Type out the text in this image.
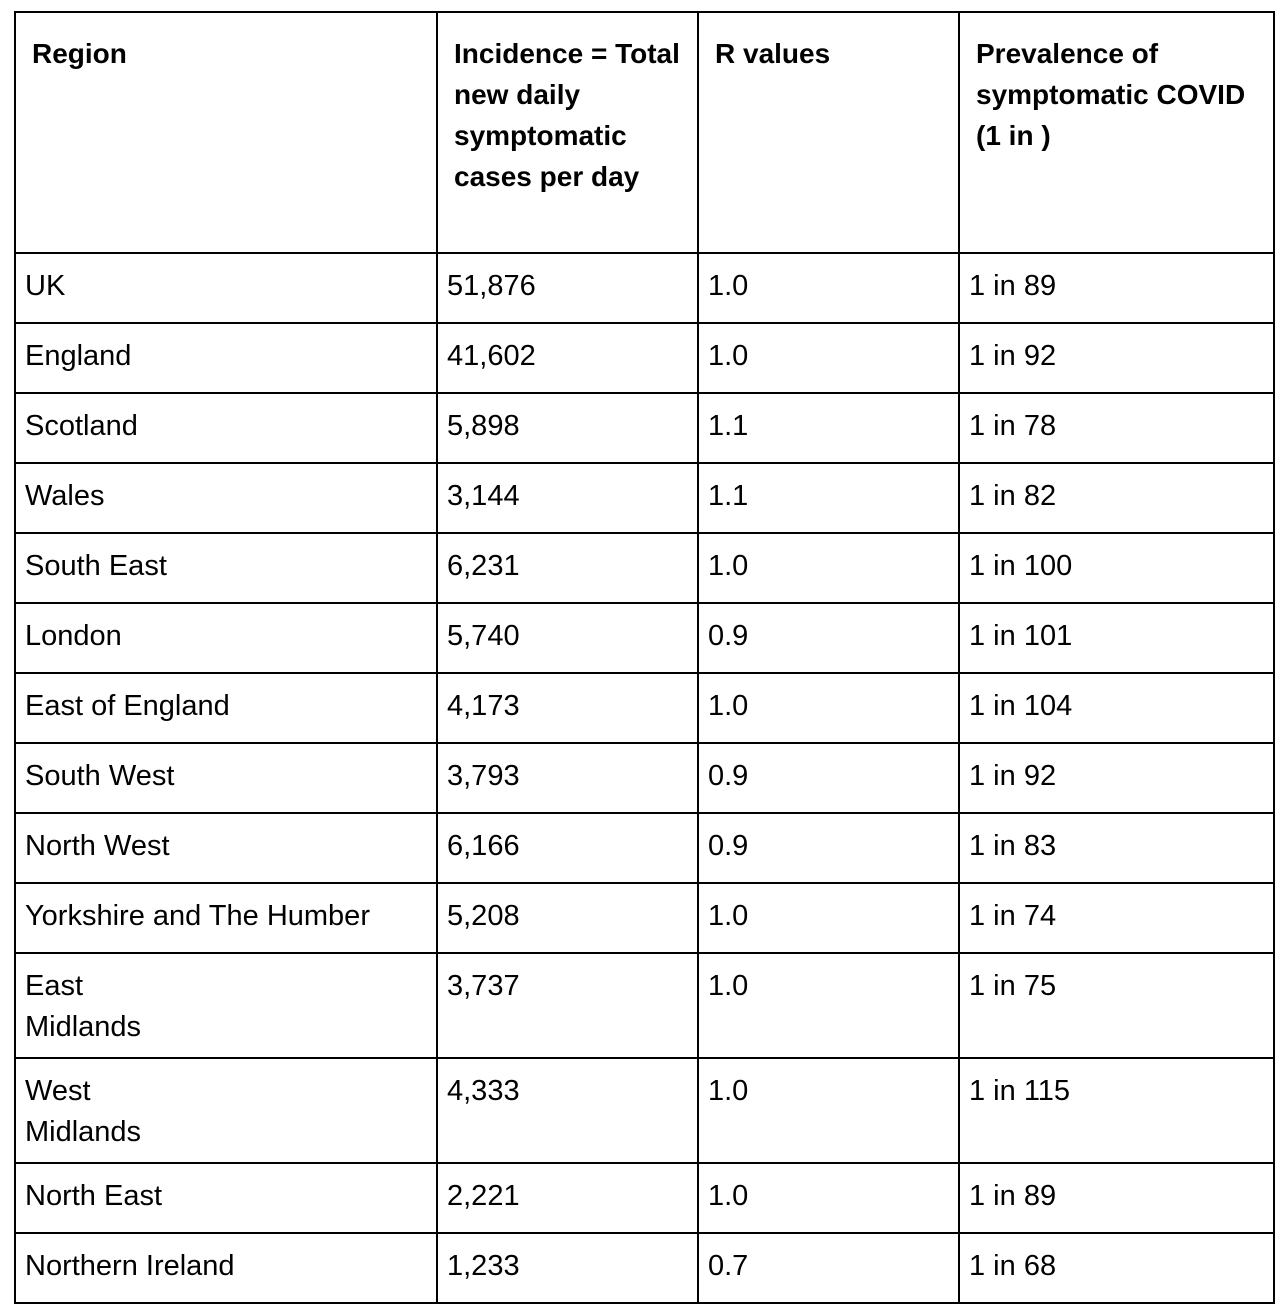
Region	Incidence = Total new daily symptomatic cases per day	R values	Prevalence of symptomatic COVID (1 in )
UK	51,876	1.0	1 in 89
England	41,602	1.0	1 in 92
Scotland	5,898	1.1	1 in 78
Wales	3,144	1.1	1 in 82
South East	6,231	1.0	1 in 100
London	5,740	0.9	1 in 101
East of England	4,173	1.0	1 in 104
South West	3,793	0.9	1 in 92
North West	6,166	0.9	1 in 83
Yorkshire and The Humber	5,208	1.0	1 in 74
East
Midlands	3,737	1.0	1 in 75
West
Midlands	4,333	1.0	1 in 115
North East	2,221	1.0	1 in 89
Northern Ireland	1,233	0.7	1 in 68
